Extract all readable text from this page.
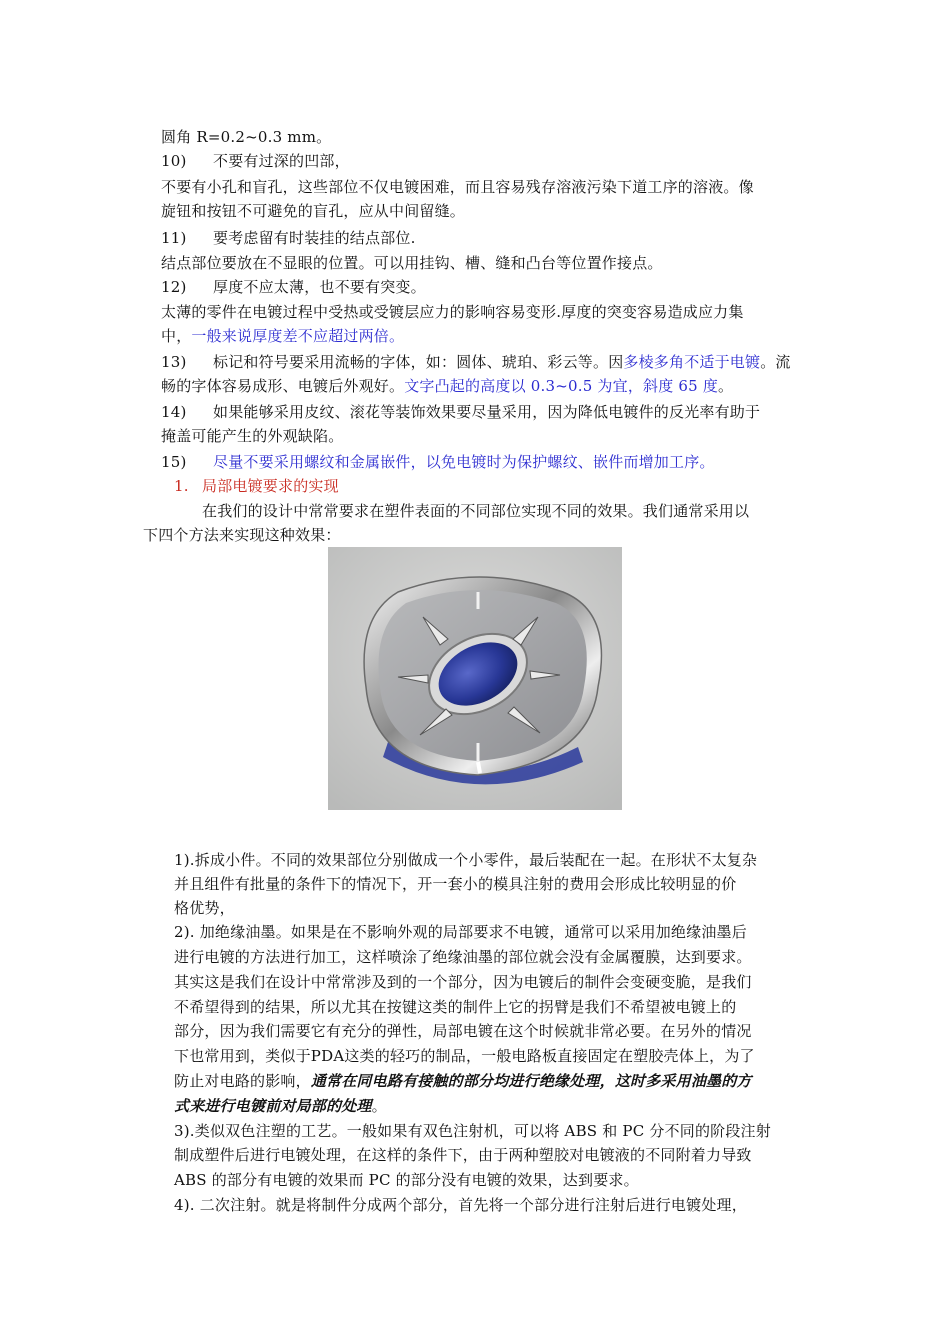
圆角 R=0.2~0.3 mm。
10) 不要有过深的凹部，
不要有小孔和盲孔，这些部位不仅电镀困难，而且容易残存溶液污染下道工序的溶液。像
旋钮和按钮不可避免的盲孔，应从中间留缝。
11) 要考虑留有时装挂的结点部位.
结点部位要放在不显眼的位置。可以用挂钩、槽、缝和凸台等位置作接点。
12) 厚度不应太薄，也不要有突变。
太薄的零件在电镀过程中受热或受镀层应力的影响容易变形.厚度的突变容易造成应力集
中，一般来说厚度差不应超过两倍。
13) 标记和符号要采用流畅的字体，如：圆体、琥珀、彩云等。因多棱多角不适于电镀。流
畅的字体容易成形、电镀后外观好。文字凸起的高度以 0.3~0.5 为宜，斜度 65 度。
14) 如果能够采用皮纹、滚花等装饰效果要尽量采用，因为降低电镀件的反光率有助于
掩盖可能产生的外观缺陷。
15) 尽量不要采用螺纹和金属嵌件，以免电镀时为保护螺纹、嵌件而增加工序。
1. 局部电镀要求的实现
在我们的设计中常常要求在塑件表面的不同部位实现不同的效果。我们通常采用以
下四个方法来实现这种效果：
1).拆成小件。不同的效果部位分别做成一个小零件，最后装配在一起。在形状不太复杂
并且组件有批量的条件下的情况下，开一套小的模具注射的费用会形成比较明显的价
格优势，
2). 加绝缘油墨。如果是在不影响外观的局部要求不电镀，通常可以采用加绝缘油墨后
进行电镀的方法进行加工，这样喷涂了绝缘油墨的部位就会没有金属覆膜，达到要求。
其实这是我们在设计中常常涉及到的一个部分，因为电镀后的制件会变硬变脆，是我们
不希望得到的结果，所以尤其在按键这类的制件上它的拐臂是我们不希望被电镀上的
部分，因为我们需要它有充分的弹性，局部电镀在这个时候就非常必要。在另外的情况
下也常用到，类似于PDA这类的轻巧的制品，一般电路板直接固定在塑胶壳体上，为了
防止对电路的影响，通常在同电路有接触的部分均进行绝缘处理，这时多采用油墨的方
式来进行电镀前对局部的处理。
3).类似双色注塑的工艺。一般如果有双色注射机，可以将 ABS 和 PC 分不同的阶段注射
制成塑件后进行电镀处理，在这样的条件下，由于两种塑胶对电镀液的不同附着力导致
ABS 的部分有电镀的效果而 PC 的部分没有电镀的效果，达到要求。
4). 二次注射。就是将制件分成两个部分，首先将一个部分进行注射后进行电镀处理，
